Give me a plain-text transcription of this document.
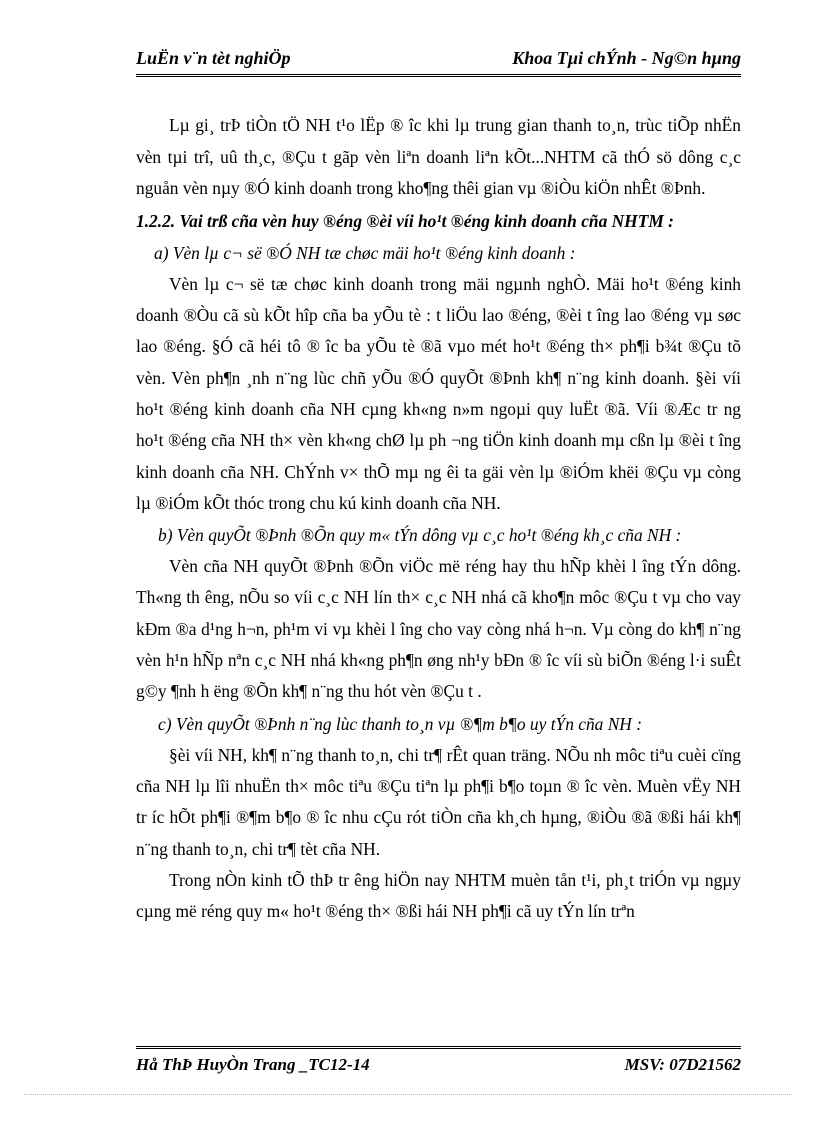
LuËn v¨n tèt nghiÖp	Khoa Tµi chÝnh - Ng©n hµng

Lµ gi¸ trÞ tiÒn tÖ NH t¹o lËp ® îc khi lµ trung gian thanh to¸n, trùc tiÕp nhËn vèn tµi trî, uû th¸c, ®Çu t gãp vèn liªn doanh liªn kÕt...NHTM cã thÓ sö dông c¸c nguån vèn nµy ®Ó kinh doanh trong kho¶ng thêi gian vµ ®iÒu kiÖn nhÊt ®Þnh.

1.2.2. Vai trß cña vèn huy ®éng ®èi víi ho¹t ®éng kinh doanh cña NHTM :

a) Vèn lµ c¬ së ®Ó NH tæ chøc mäi ho¹t ®éng kinh doanh :

Vèn lµ c¬ së tæ chøc kinh doanh trong mäi ngµnh nghÒ. Mäi ho¹t ®éng kinh doanh ®Òu cã sù kÕt hîp cña ba yÕu tè : t liÖu lao ®éng, ®èi t îng lao ®éng vµ søc lao ®éng. §Ó cã héi tô ® îc ba yÕu tè ®ã vµo mét ho¹t ®éng th× ph¶i b¾t ®Çu tõ vèn. Vèn ph¶n ¸nh n¨ng lùc chñ yÕu ®Ó quyÕt ®Þnh kh¶ n¨ng kinh doanh. §èi víi ho¹t ®éng kinh doanh cña NH cµng kh«ng n»m ngoµi quy luËt ®ã. Víi ®Æc tr ng ho¹t ®éng cña NH th× vèn kh«ng chØ lµ ph ¬ng tiÖn kinh doanh mµ cßn lµ ®èi t îng kinh doanh cña NH. ChÝnh v× thÕ mµ ng êi ta gäi vèn lµ ®iÓm khëi ®Çu vµ còng lµ ®iÓm kÕt thóc trong chu kú kinh doanh cña NH.

b) Vèn quyÕt ®Þnh ®Õn quy m« tÝn dông vµ c¸c ho¹t ®éng kh¸c cña NH :

Vèn cña NH quyÕt ®Þnh ®Õn viÖc më réng hay thu hÑp khèi l îng tÝn dông. Th«ng th êng, nÕu so víi c¸c NH lín th× c¸c NH nhá cã kho¶n môc ®Çu t vµ cho vay kÐm ®a d¹ng h¬n, ph¹m vi vµ khèi l îng cho vay còng nhá h¬n. Vµ còng do kh¶ n¨ng vèn h¹n hÑp nªn c¸c NH nhá kh«ng ph¶n øng nh¹y bÐn ® îc víi sù biÕn ®éng l·i suÊt g©y ¶nh h ëng ®Õn kh¶ n¨ng thu hót vèn ®Çu t .

c) Vèn quyÕt ®Þnh n¨ng lùc thanh to¸n vµ ®¶m b¶o uy tÝn cña NH :

§èi víi NH, kh¶ n¨ng thanh to¸n, chi tr¶ rÊt quan träng. NÕu nh môc tiªu cuèi cïng cña NH lµ lîi nhuËn th× môc tiªu ®Çu tiªn lµ ph¶i b¶o toµn ® îc vèn. Muèn vËy NH tr íc hÕt ph¶i ®¶m b¶o ® îc nhu cÇu rót tiÒn cña kh¸ch hµng, ®iÒu ®ã ®ßi hái kh¶ n¨ng thanh to¸n, chi tr¶ tèt cña NH.

Trong nÒn kinh tÕ thÞ tr êng hiÖn nay NHTM muèn tån t¹i, ph¸t triÓn vµ ngµy cµng më réng quy m« ho¹t ®éng th× ®ßi hái NH ph¶i cã uy tÝn lín trªn

Hå ThÞ HuyÒn Trang _TC12-14	MSV: 07D21562
